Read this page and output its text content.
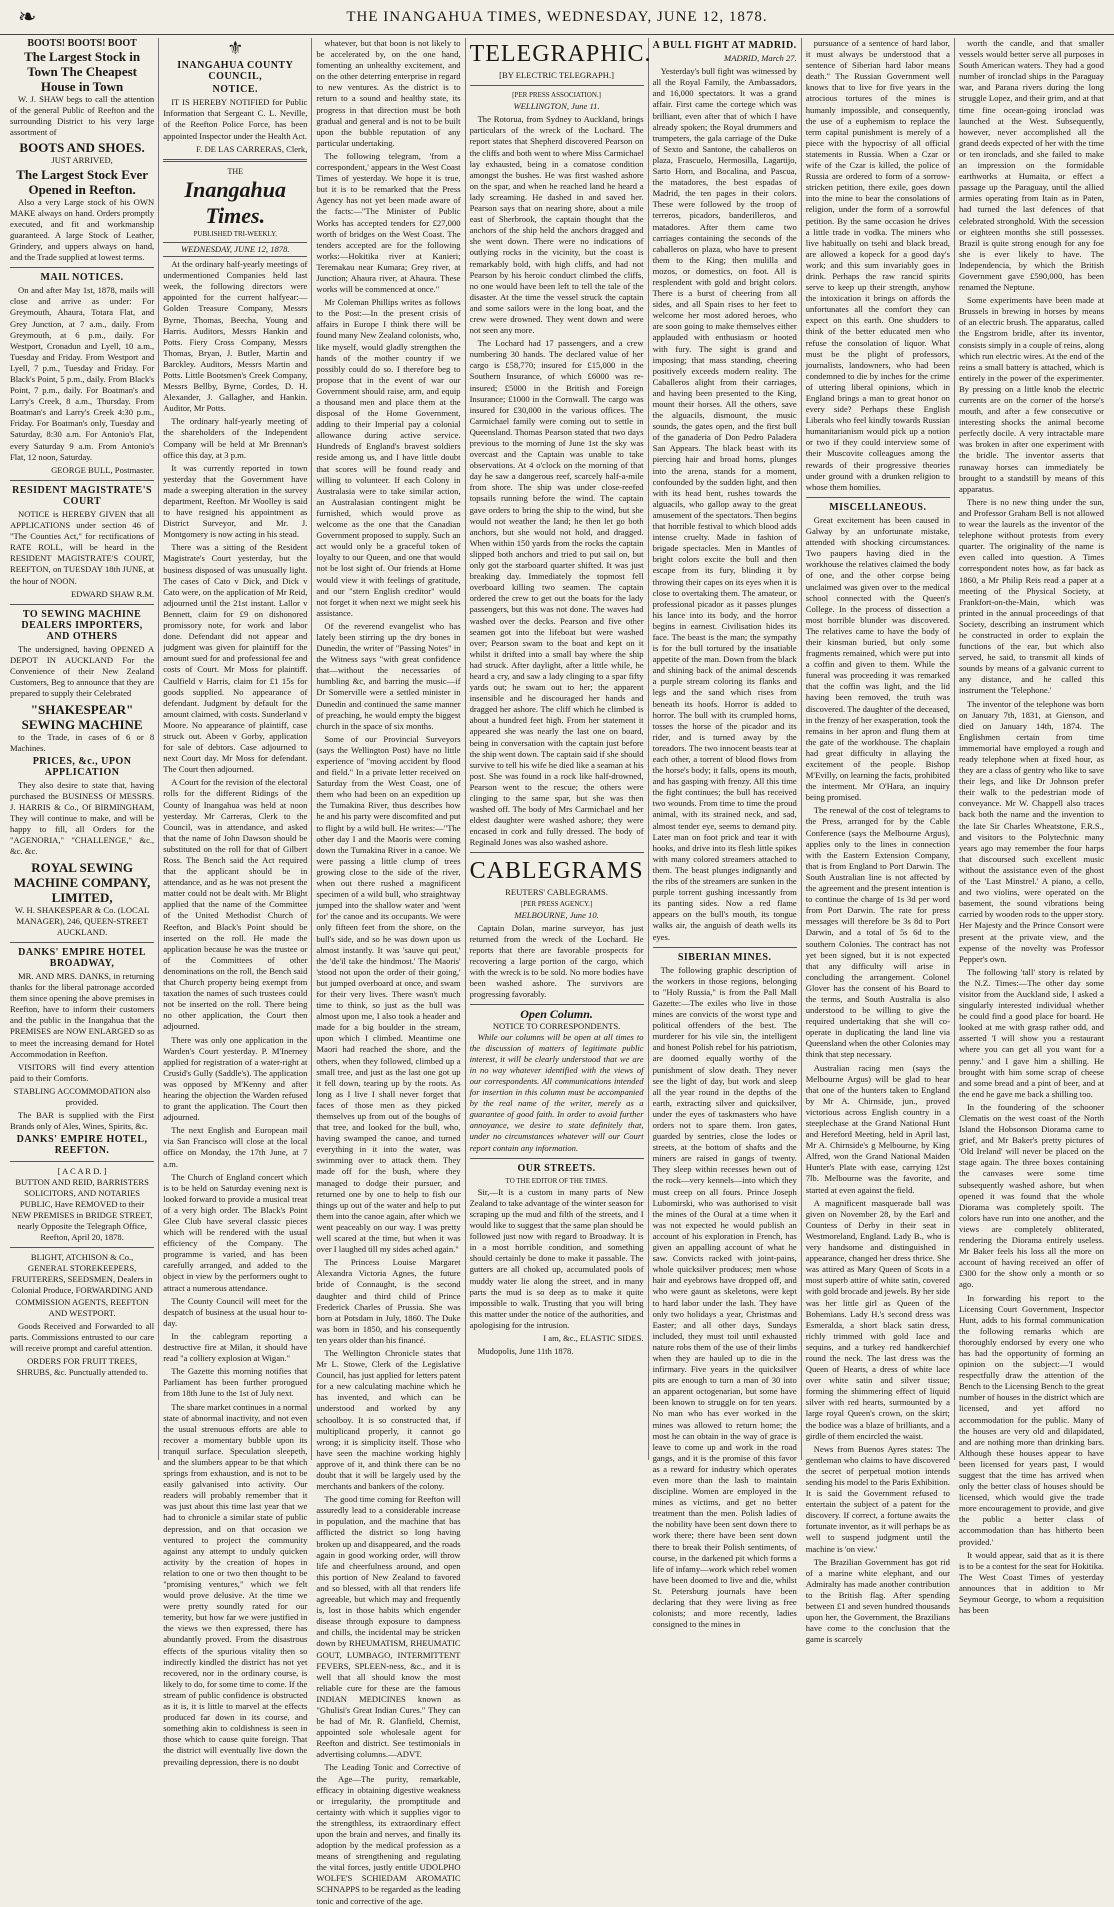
❧	THE INANGAHUA TIMES, WEDNESDAY, JUNE 12, 1878.
BOOTS! BOOTS! BOOT
The Largest Stock in Town The Cheapest House in Town

W. J. SHAW begs to call the attention of the general Public of Reefton and the surrounding District to his very large assortment of

BOOTS AND SHOES.
JUST ARRIVED,
The Largest Stock Ever Opened in Reefton.

Also a very Large stock of his OWN MAKE always on hand. Orders promptly executed, and fit and workmanship guaranteed. A large Stock of Leather, Grindery, and uppers always on hand, and the Trade supplied at lowest terms.

MAIL NOTICES.

On and after May 1st, 1878, mails will close and arrive as under: For Greymouth, Ahaura, Totara Flat, and Grey Junction, at 7 a.m., daily. From Greymouth, at 6 p.m., daily. For Westport, Cronadun and Lyell, 10 a.m., Tuesday and Friday. From Westport and Lyell, 7 p.m., Tuesday and Friday. For Black's Point, 5 p.m., daily. From Black's Point, 7 p.m., daily. For Boatman's and Larry's Creek, 8 a.m., Thursday. From Boatman's and Larry's Creek 4:30 p.m., Friday. For Boatman's only, Tuesday and Saturday, 8:30 a.m. For Antonio's Flat, every Saturday 9 a.m. From Antonio's Flat, 12 noon, Saturday.

GEORGE BULL, Postmaster.

RESIDENT MAGISTRATE'S COURT

NOTICE is HEREBY GIVEN that all APPLICATIONS under section 46 of "The Counties Act," for rectifications of RATE ROLL, will be heard in the RESIDENT MAGISTRATE'S COURT, REEFTON, on TUESDAY 18th JUNE, at the hour of NOON.

EDWARD SHAW R.M.

TO SEWING MACHINE DEALERS IMPORTERS, AND OTHERS

The undersigned, having OPENED A DEPOT IN AUCKLAND For the Convenience of their New Zealand Customers, Beg to announce that they are prepared to supply their Celebrated

"SHAKESPEAR" SEWING MACHINE

to the Trade, in cases of 6 or 8 Machines.

PRICES, &c., UPON APPLICATION

They also desire to state that, having purchased the BUSINESS Of MESSRS. J. HARRIS & Co., Of BIRMINGHAM, They will continue to make, and will be happy to fill, all Orders for the "AGENORIA," "CHALLENGE," &c., &c. &c.

ROYAL SEWING MACHINE COMPANY, LIMITED,

W. H. SHAKESPEAR & Co. (LOCAL MANAGER), 246, QUEEN-STREET AUCKLAND.

DANKS' EMPIRE HOTEL BROADWAY,

MR. AND MRS. DANKS, in returning thanks for the liberal patronage accorded them since opening the above premises in Reefton, have to inform their customers and the public in the Inangahua that the PREMISES are NOW ENLARGED so as to meet the increasing demand for Hotel Accommodation in Reefton.

VISITORS will find every attention paid to their Comforts.

STABLING ACCOMMODATION also provided.

The BAR is supplied with the First Brands only of Ales, Wines, Spirits, &c.

DANKS' EMPIRE HOTEL, REEFTON.
[ A C A R D. ]

BUTTON AND REID, BARRISTERS SOLICITORS, AND NOTARIES PUBLIC, Have REMOVED to their NEW PREMISES in BRIDGE STREET, nearly Opposite the Telegraph Office, Reefton, April 20, 1878.

BLIGHT, ATCHISON & Co., GENERAL STOREKEEPERS, FRUITERERS, SEEDSMEN, Dealers in Colonial Produce, FORWARDING AND COMMISSION AGENTS, REEFTON AND WESTPORT.

Goods Received and Forwarded to all parts. Commissions entrusted to our care will receive prompt and careful attention.

ORDERS FOR FRUIT TREES, SHRUBS, &c. Punctually attended to.

⚜
INANGAHUA COUNTY COUNCIL,
NOTICE.

IT IS HEREBY NOTIFIED for Public Information that Sergeant C. L. Neville, of the Reefton Police Force, has been appointed Inspector under the Health Act.

F. DE LAS CARRERAS, Clerk,

THE
Inangahua Times.
PUBLISHED TRI-WEEKLY.
WEDNESDAY, JUNE 12, 1878.

At the ordinary half-yearly meetings of undermentioned Companies held last week, the following directors were appointed for the current halfyear:—Golden Treasure Company, Messrs Byrne, Thomas, Beecha, Young and Harris. Auditors, Messrs Hankin and Potts. Fiery Cross Company, Messrs Thomas, Bryan, J. Butler, Martin and Barckley. Auditors, Messrs Martin and Potts. Little Bootsmen's Creek Company, Messrs Bellby, Byrne, Cordes, D. H. Alexander, J. Gallagher, and Hankin. Auditor, Mr Potts.

The ordinary half-yearly meeting of the shareholders of the Independent Company will be held at Mr Brennan's office this day, at 3 p.m.

It was currently reported in town yesterday that the Government have made a sweeping alteration in the survey department, Reefton. Mr Woolley is said to have resigned his appointment as District Surveyor, and Mr. J. Montgomery is now acting in his stead.

There was a sitting of the Resident Magistrate's Court yesterday, but the business disposed of was unusually light. The cases of Cato v Dick, and Dick v Cato were, on the application of Mr Reid, adjourned until the 21st instant. Lallor v Bennett, claim for £9 on dishonored promissory note, for work and labor done. Defendant did not appear and judgment was given for plaintiff for the amount sued for and professional fee and costs of Court. Mr Moss for plaintiff. Caulfield v Harris, claim for £1 15s for goods supplied. No appearance of defendant. Judgment by default for the amount claimed, with costs. Sunderland v Moore. No appearance of plaintiff, case struck out. Abeen v Gorby, application for sale of debtors. Case adjourned to next Court day. Mr Moss for defendant. The Court then adjourned.

A Court for the revision of the electoral rolls for the different Ridings of the County of Inangahua was held at noon yesterday. Mr Carreras, Clerk to the Council, was in attendance, and asked that the name of John Dawson should be substituted on the roll for that of Gilbert Ross. The Bench said the Act required that the applicant should be in attendance, and as he was not present the matter could not be dealt with. Mr Blight applied that the name of the Committee of the United Methodist Church of Reefton, and Black's Point should be inserted on the roll. He made the application because he was the trustee or of the Committees of other denominations on the roll, the Bench said that Church property being exempt from taxation the names of such trustees could not be inserted on the roll. There being no other application, the Court then adjourned.

There was only one application in the Warden's Court yesterday. P. M'Inerney applied for registration of a water-right at Crusid's Gully (Saddle's). The application was opposed by M'Kenny and after hearing the objection the Warden refused to grant the application. The Court then adjourned.

The next English and European mail via San Francisco will close at the local office on Monday, the 17th June, at 7 a.m.

The Church of England concert which is to be held on Saturday evening next is looked forward to provide a musical treat of a very high order. The Black's Point Glee Club have several classic pieces which will be rendered with the usual efficiency of the Company. The programme is varied, and has been carefully arranged, and added to the object in view by the performers ought to attract a numerous attendance.

The County Council will meet for the despatch of business at the usual hour to-day.

In the cablegram reporting a destructive fire at Milan, it should have read "a colliery explosion at Wigan."

The Gazette this morning notifies that Parliament has been further prorogued from 18th June to the 1st of July next.

The share market continues in a normal state of abnormal inactivity, and not even the usual strenuous efforts are able to recover a momentary bubble upon its tranquil surface. Speculation sleepeth, and the slumbers appear to be that which springs from exhaustion, and is not to be easily galvanised into activity. Our readers will probably remember that it was just about this time last year that we had to chronicle a similar state of public depression, and on that occasion we ventured to project the community against any attempt to unduly quicken activity by the creation of hopes in relation to one or two then thought to be "promising ventures," which we felt would prove delusive. At the time we were pretty soundly rated for our temerity, but how far we were justified in the views we then expressed, there has abundantly proved. From the disastrous effects of the spurious vitality then so indirectly kindled the district has not yet recovered, nor in the ordinary course, is likely to do, for some time to come. If the stream of public confidence is obstructed as it is, it is little to marvel at the effects produced far down in its course, and something akin to coldishness is seen in those which to cause quite foreign. That the district will eventually live down the prevailing depression, there is no doubt

whatever, but that boon is not likely to be accelerated by, on the one hand, fomenting an unhealthy excitement, and on the other deterring enterprise in regard to new ventures. As the district is to return to a sound and healthy state, its progress in that direction must be both gradual and general and is not to be built upon the bubble reputation of any particular undertaking.

The following telegram, 'from a correspondent,' appears in the West Coast Times of yesterday. We hope it is true, but it is to be remarked that the Press Agency has not yet been made aware of the facts:—"The Minister of Public Works has accepted tenders for £27,000 worth of bridges on the West Coast. The tenders accepted are for the following works:—Hokitika river at Kanieri; Teremakau near Kumara; Grey river, at Junction; Ahaura river, at Ahaura. These works will be commenced at once."

Mr Coleman Phillips writes as follows to the Post:—In the present crisis of affairs in Europe I think there will be found many New Zealand colonists, who, like myself, would gladly strengthen the hands of the mother country if we possibly could do so. I therefore beg to propose that in the event of war our Government should raise, arm, and equip a thousand men and place them at the disposal of the Home Government, adding to their Imperial pay a colonial allowance during active service. Hundreds of England's bravest soldiers reside among us, and I have little doubt that scores will be found ready and willing to volunteer. If each Colony in Australasia were to take similar action, an Australasian contingent might be furnished, which would prove as welcome as the one that the Canadian Government proposed to supply. Such an act would only be a graceful token of loyalty to our Queen, and one that would not be lost sight of. Our friends at Home would view it with feelings of gratitude, and our "stern English creditor" would not forget it when next we might seek his assistance.

Of the reverend evangelist who has lately been stirring up the dry bones in Dunedin, the writer of "Passing Notes" in the Witness says "with great confidence that—without the necessaries of humbling &c, and barring the music—if Dr Somerville were a settled minister in Dunedin and continued the same manner of preaching, he would empty the biggest church in the space of six months.

Some of our Provincial Surveyors (says the Wellington Post) have no little experience of "moving accident by flood and field." In a private letter received on Saturday from the West Coast, one of them who had been on an expedition up the Tumakina River, thus describes how he and his party were discomfited and put to flight by a wild bull. He writes:—"The other day I and the Maoris were coming down the Tumakina River in a canoe. We were passing a little clump of trees growing close to the side of the river, when out there rushed a magnificent specimen of a wild bull, who straightway jumped into the shallow water and 'went for' the canoe and its occupants. We were only fifteen feet from the shore, on the bull's side, and so he was down upon us almost instantly. It was 'sauve qui peut,' the 'de'il take the hindmost.' The Maoris' 'stood not upon the order of their going,' but jumped overboard at once, and swam for their very lives. There wasn't much time to think, so just as the bull was almost upon me, I also took a header and made for a big boulder in the stream, upon which I climbed. Meantime one Maori had reached the shore, and the others, when they followed, climbed up a small tree, and just as the last one got up it fell down, tearing up by the roots. As long as I live I shall never forget that faces of those men as they picked themselves up from out of the boughs of that tree, and looked for the bull, who, having swamped the canoe, and turned everything in it into the water, was swimming over to attack them. They made off for the bush, where they managed to dodge their pursuer, and returned one by one to help to fish our things up out of the water and help to put them into the canoe again, after which we went peaceably on our way. I was pretty well scared at the time, but when it was over I laughed till my sides ached again."

The Princess Louise Margaret Alexandra Victoria Agnes, the future bride of Connaught, is the second daughter and third child of Prince Frederick Charles of Prussia. She was born at Potsdam in July, 1860. The Duke was born in 1850, and his consequently ten years older than his financé.

The Wellington Chronicle states that Mr L. Stowe, Clerk of the Legislative Council, has just applied for letters patent for a new calculating machine which he has invented, and which can be understood and worked by any schoolboy. It is so constructed that, if multiplicand properly, it cannot go wrong; it is simplicity itself. Those who have seen the machine working highly approve of it, and think there can be no doubt that it will be largely used by the merchants and bankers of the colony.

The good time coming for Reefton will assuredly lead to a considerable increase in population, and the machine that has afflicted the district so long having broken up and disappeared, and the roads again in good working order, will throw life and cheerfulness around, and open this portion of New Zealand to favored and so blessed, with all that renders life agreeable, but which may and frequently is, lost in those habits which engender disease through exposure to dampness and chills, the incidental may be stricken down by RHEUMATISM, RHEUMATIC GOUT, LUMBAGO, INTERMITTENT FEVERS, SPLEEN-ness, &c., and it is well that all should know the most reliable cure for these are the famous INDIAN MEDICINES known as "Ghulisi's Great Indian Cures." They can be had of Mr. R. Glanfield, Chemist, appointed sole wholesale agent for Reefton and district. See testimonials in advertising columns.—ADVT.

The Leading Tonic and Corrective of the Age—The purity, remarkable, efficacy in obtaining digestive weakness or irregularity, the promptitude and certainty with which it supplies vigor to the strengthless, its extraordinary effect upon the brain and nerves, and finally its adoption by the medical profession as a means of strengthening and regulating the vital forces, justly entitle UDOLPHO WOLFE'S SCHIEDAM AROMATIC SCHNAPPS to be regarded as the leading tonic and corrective of the age.

TELEGRAPHIC.
[BY ELECTRIC TELEGRAPH.]
[PER PRESS ASSOCIATION.]

WELLINGTON, June 11.

The Rotorua, from Sydney to Auckland, brings particulars of the wreck of the Lochard. The report states that Shepherd discovered Pearson on the cliffs and both went to where Miss Carmichael lay exhausted, being in a comatose condition amongst the bushes. He was first washed ashore on the spar, and when he reached land he heard a lady screaming. He dashed in and saved her. Pearson says that on nearing shore, about a mile east of Sherbrook, the captain thought that the anchors of the ship held the anchors dragged and she went down. There were no indications of outlying rocks in the vicinity, but the coast is remarkably bold, with high cliffs, and had not Pearson by his heroic conduct climbed the cliffs, no one would have been left to tell the tale of the disaster. At the time the vessel struck the captain and some sailors were in the long boat, and the crew were drowned. They went down and were not seen any more.

The Lochard had 17 passengers, and a crew numbering 30 hands. The declared value of her cargo is £58,770; insured for £15,000 in the Southern Insurance, of which £6000 was re-insured; £5000 in the British and Foreign Insurance; £1000 in the Cornwall. The cargo was insured for £30,000 in the various offices. The Carmichael family were coming out to settle in Queensland. Thomas Pearson stated that two days previous to the morning of June 1st the sky was overcast and the Captain was unable to take observations. At 4 o'clock on the morning of that day he saw a dangerous reef, scarcely half-a-mile from shore. The ship was under close-reefed topsails running before the wind. The captain gave orders to bring the ship to the wind, but she would not weather the land; he then let go both anchors, but she would not hold, and dragged. When within 150 yards from the rocks the captain slipped both anchors and tried to put sail on, but only got the starboard quarter shifted. It was just breaking day. Immediately the topmost fell overboard killing two seamen. The captain ordered the crew to get out the boats for the lady passengers, but this was not done. The waves had washed over the decks. Pearson and five other seamen got into the lifeboat but were washed over; Pearson swam to the boat and kept on it whilst it drifted into a small bay where the ship had struck. After daylight, after a little while, he heard a cry, and saw a lady clinging to a spar fifty yards out; he swam out to her; the apparent insensible and he discouraged her hands and dragged her ashore. The cliff which he climbed is about a hundred feet high. From her statement it appeared she was nearly the last one on board, being in conversation with the captain just before the ship went down. The captain said if she should survive to tell his wife he died like a seaman at his post. She was found in a rock like half-drowned, Pearson went to the rescue; the others were clinging to the same spar, but she was then washed off. The body of Mrs Carmichael and her eldest daughter were washed ashore; they were encased in cork and fully dressed. The body of Reginald Jones was also washed ashore.

CABLEGRAMS
REUTERS' CABLEGRAMS.
[PER PRESS AGENCY.]

MELBOURNE, June 10.

Captain Dolan, marine surveyor, has just returned from the wreck of the Lochard. He reports that there are favorable prospects for recovering a large portion of the cargo, which with the wreck is to be sold. No more bodies have been washed ashore. The survivors are progressing favorably.

Open Column.
NOTICE TO CORRESPONDENTS.

While our columns will be open at all times to the discussion of matters of legitimate public interest, it will be clearly understood that we are in no way whatever identified with the views of our correspondents. All communications intended for insertion in this column must be accompanied by the real name of the writer, merely as a guarantee of good faith. In order to avoid further annoyance, we desire to state definitely that, under no circumstances whatever will our Court report contain any information.

OUR STREETS.
TO THE EDITOR OF THE TIMES.

Sir,—It is a custom in many parts of New Zealand to take advantage of the winter season for scraping up the mud and filth of the streets, and I would like to suggest that the same plan should be followed just now with regard to Broadway. It is in a most horrible condition, and something should certainly be done to make it passable. The gutters are all choked up, accumulated pools of muddy water lie along the street, and in many parts the mud is so deep as to make it quite impossible to walk. Trusting that you will bring this matter under the notice of the authorities, and apologising for the intrusion.

I am, &c., ELASTIC SIDES.

Mudopolis, June 11th 1878.

A BULL FIGHT AT MADRID.

MADRID, March 27.

Yesterday's bull fight was witnessed by all the Royal Family, the Ambassadors, and 16,000 spectators. It was a grand affair. First came the cortege which was brilliant, even after that of which I have already spoken; the Royal drummers and trumpeters, the gala carriage of the Duke of Sexto and Santone, the caballeros on plaza, Frascuelo, Hermosilla, Lagartijo, Sarto Horn, and Bocalina, and Pascua, the matadores, the best espadas of Madrid, the ten pages in their colors. These were followed by the troop of terreros, picadors, banderilleros, and matadores. After them came two carriages containing the seconds of the caballeros on plaza, who have to present them to the King; then mulilla and mozos, or domestics, on foot. All is resplendent with gold and bright colors. There is a burst of cheering from all sides, and all Spain rises to her feet to welcome her most adored heroes, who are soon going to make themselves either applauded with enthusiasm or hooted with fury. The sight is grand and imposing; that mass standing, cheering positively exceeds modern reality. The Caballeros alight from their carriages, and having been presented to the King, mount their horses. All the others, save the alguacils, dismount, the music sounds, the gates open, and the first bull of the ganaderia of Don Pedro Paladera San Appears. The black beast with its piercing hair and broad horns, plunges into the arena, stands for a moment, confounded by the sudden light, and then with its head bent, rushes towards the alguacils, who gallop away to the great amusement of the spectators. Then begins that horrible festival to which blood adds intense cruelty. Made in fashion of brigade spectacles. Men in Mantles of bright colors excite the bull and then escape from its fury, blinding it by throwing their capes on its eyes when it is close to overtaking them. The amateur, or professional picador as it passes plunges his lance into its body, and the horror begins in earnest. Civilisation hides its face. The beast is the man; the sympathy is for the bull tortured by the insatiable appetite of the man. Down from the black and shining back of the animal descends a purple stream coloring its flanks and legs and the sand which rises from beneath its hoofs. Horror is added to horror. The bull with its crumpled horns, tosses the horse of the picador and its rider, and is turned away by the toreadors. The two innocent beasts tear at each other, a torrent of blood flows from the horse's body; it falls, opens its mouth, and has gasping with frenzy. All this time the fight continues; the bull has received two wounds. From time to time the proud animal, with its strained neck, and sad, almost tender eye, seems to demand pity. Later man on foot prick and tear it with hooks, and drive into its flesh little spikes with many colored streamers attached to them. The beast plunges indignantly and the ribs of the streamers are sunken in the purple torrent gushing incessantly from its panting sides. Now a red flame appears on the bull's mouth, its tongue walks air, the anguish of death wells its eyes.

SIBERIAN MINES.

The following graphic description of the workers in those regions, belonging to "Holy Russia," is from the Pall Mall Gazette:—The exiles who live in those mines are convicts of the worst type and political offenders of the best. The murderer for his vile sin, the intelligent and honest Polish rebel for his patriotism, are doomed equally worthy of the punishment of slow death. They never see the light of day, but work and sleep all the year round in the depths of the earth, extracting silver and quicksilver, under the eyes of taskmasters who have orders not to spare them. Iron gates, guarded by sentries, close the lodes or streets, at the bottom of shafts and the miners are raised in gangs of twenty. They sleep within recesses hewn out of the rock—very kennels—into which they must creep on all fours. Prince Joseph Lubomirski, who was authorised to visit the mines of the Oural at a time when it was not expected he would publish an account of his exploration in French, has given an appalling account of what he saw. Convicts racked with joint-pains, whole quicksilver produces; men whose hair and eyebrows have dropped off, and who were gaunt as skeletons, were kept to hard labor under the lash. They have only two holidays a year, Christmas and Easter; and all other days, Sundays included, they must toil until exhausted nature robs them of the use of their limbs when they are hauled up to die in the infirmary. Five years in the quicksilver pits are enough to turn a man of 30 into an apparent octogenarian, but some have been known to struggle on for ten years. No man who has ever worked in the mines was allowed to return home; the most he can obtain in the way of grace is leave to come up and work in the road gangs, and it is the promise of this favor as a reward for industry which operates even more than the lash to maintain discipline. Women are employed in the mines as victims, and get no better treatment than the men. Polish ladies of the nobility have been sent down there to work there; there have been sent down there to break their Polish sentiments, of course, in the darkened pit which forms a life of infamy—work which rebel women have been doomed to live and die, whilst St. Petersburg journals have been declaring that they were living as free colonists; and more recently, ladies consigned to the mines in

pursuance of a sentence of hard labor, it must always be understood that a sentence of Siberian hard labor means death." The Russian Government well knows that to live for five years in the atrocious tortures of the mines is humanly impossible, and consequently, the use of a euphemism to replace the term capital punishment is merely of a piece with the hypocrisy of all official statements in Russia. When a Czar or wife of the Czar is killed, the police of Russia are ordered to form of a sorrow-stricken petition, there exile, goes down into the mine to bear the consolations of religion, under the form of a sorrowful petition. By the same occasion he drives a little trade in vodka. The miners who live habitually on tsehi and black bread, are allowed a kopeck for a good day's work; and this sum invariably goes in drink. Perhaps the raw rancid spirits serve to keep up their strength, anyhow the intoxication it brings on affords the unfortunates all the comfort they can expect on this earth. One shudders to think of the better educated men who refuse the consolation of liquor. What must be the plight of professors, journalists, landowners, who had been condemned to die by inches for the crime of uttering liberal opinions, which in England brings a man to great honor on every side? Perhaps these English Liberals who feel kindly towards Russian humanitarianism would pick up a notion or two if they could interview some of their Muscovite colleagues among the rewards of their progressive theories under ground with a drunken religion to whose them homilies.

MISCELLANEOUS.

Great excitement has been caused in Galway by an unfortunate mistake, attended with shocking circumstances. Two paupers having died in the workhouse the relatives claimed the body of one, and the other corpse being unclaimed was given over to the medical school connected with the Queen's College. In the process of dissection a most horrible blunder was discovered. The relatives came to have the body of their kinsman buried, but only some fragments remained, which were put into a coffin and given to them. While the funeral was proceeding it was remarked that the coffin was light, and the lid having been removed, the truth was discovered. The daughter of the deceased, in the frenzy of her exasperation, took the remains in her apron and flung them at the gate of the workhouse. The chaplain had great difficulty in allaying the excitement of the people. Bishop M'Evilly, on learning the facts, prohibited the interment. Mr O'Hara, an inquiry being promised.

The renewal of the cost of telegrams to the Press, arranged for by the Cable Conference (says the Melbourne Argus), applies only to the lines in connection with the Eastern Extension Company, that is from England to Port Darwin. The South Australian line is not affected by the agreement and the present intention is to continue the charge of 1s 3d per word from Port Darwin. The rate for press messages will therefore be 3s 8d to Port Darwin, and a total of 5s 6d to the southern Colonies. The contract has not yet been signed, but it is not expected that any difficulty will arise in concluding the arrangement. Colonel Glover has the consent of his Board to the terms, and South Australia is also understood to be willing to give the required undertaking that she will co-operate in duplicating the land line via Queensland when the other Colonies may think that step necessary.

Australian racing men (says the Melbourne Argus) will be glad to hear that one of the hunters taken to England by Mr A. Chirnside, jun., proved victorious across English country in a steeplechase at the Grand National Hunt and Hereford Meeting, held in April last, Mr A. Chirnside's g Melbourne, by King Alfred, won the Grand National Maiden Hunter's Plate with ease, carrying 12st 7lb. Melbourne was the favorite, and started at even against the field.

A magnificent masquerade ball was given on November 28, by the Earl and Countess of Derby in their seat in Westmoreland, England. Lady B., who is very handsome and distinguished in appearance, changed her dress thrice. She was attired as Mary Queen of Scots in a most superb attire of white satin, covered with gold brocade and jewels. By her side was her little girl as Queen of the Bohemians. Lady H.'s second dress was Esmeralda, a short black satin dress, richly trimmed with gold lace and sequins, and a turkey red handkerchief round the neck. The last dress was the Queen of Hearts, a dress of white lace over white satin and silver tissue; forming the shimmering effect of liquid silver with red hearts, surmounted by a large royal Queen's crown, on the skirt; the bodice was a blaze of brilliants, and a girdle of them encircled the waist.

News from Buenos Ayres states: The gentleman who claims to have discovered the secret of perpetual motion intends sending his model to the Paris Exhibition. It is said the Government refused to entertain the subject of a patent for the discovery. If correct, a fortune awaits the fortunate inventor, as it will perhaps be as well to suspend judgment until the machine is 'on view.'

The Brazilian Government has got rid of a marine white elephant, and our Admiralty has made another contribution to the British flag. After spending between £1 and seven hundred thousands upon her, the Government, the Brazilians have come to the conclusion that the game is scarcely

worth the candle, and that smaller vessels would better serve all purposes in South American waters. They had a good number of ironclad ships in the Paraguay war, and Parana rivers during the long struggle Lopez, and their grim, and at that time fine ocean-going ironclad was launched at the West. Subsequently, however, never accomplished all the grand deeds expected of her with the time or ten ironclads, and she failed to make an impression on the formidable earthworks at Humaita, or effect a passage up the Paraguay, until the allied armies operating from Itain as in Paten, had turned the last defences of that celebrated stronghold. With the secession or eighteen months she still possesses. Brazil is quite strong enough for any foe she is ever likely to have. The Independencia, by which the British Government gave £590,000, has been renamed the Neptune.

Some experiments have been made at Brussels in brewing in horses by means of an electric brush. The apparatus, called the Engstrom bridle, after its inventor, consists simply in a couple of reins, along which run electric wires. At the end of the reins a small battery is attached, which is entirely in the power of the experimenter. By pressing on a little knob the electric currents are on the corner of the horse's mouth, and after a few consecutive or interesting shocks the animal become perfectly docile. A very intractable mare was broken in after one experiment with the bridle. The inventor asserts that runaway horses can immediately be brought to a standstill by means of this apparatus.

There is no new thing under the sun, and Professor Graham Bell is not allowed to wear the laurels as the inventor of the telephone without protests from every quarter. The originality of the name is even called into question. A Times correspondent notes how, as far back as 1860, a Mr Philip Reis read a paper at a meeting of the Physical Society, at Frankfort-on-the-Main, which was printed in the annual proceedings of that Society, describing an instrument which he constructed in order to explain the functions of the ear, but which also served, he said, to transmit all kinds of sounds by means of a galvanic current to any distance, and he called this instrument the 'Telephone.'

The inventor of the telephone was born on January 7th, 1831, at Gienson, and died on January 14th, 1874. The Englishmen certain from time immemorial have employed a rough and ready telephone when at fixed hour, as they are a class of gentry who like to save their legs, and like Dr Johnson prefer their walk to the pedestrian mode of conveyance. Mr W. Chappell also traces back both the name and the invention to the late Sir Charles Wheatstone, F.R.S., and visitors to the Polytechnic many years ago may remember the four harps that discoursed such excellent music without the assistance even of the ghost of the 'Last Minstrel.' A piano, a cello, and two violins, were operated on the basement, the sound vibrations being carried by wooden rods to the upper story. Her Majesty and the Prince Consort were present at the private view, and the expense of the novelty was Professor Pepper's own.

The following 'tall' story is related by the N.Z. Times:—The other day some visitor from the Auckland side, I asked a singularly interested individual whether he could find a good place for board. He looked at me with grasp rather odd, and asserted 'I will show you a restaurant where you can get all you want for a penny.' and I gave him a shilling. He brought with him some scrap of cheese and some bread and a pint of beer, and at the end he gave me back a shilling too.

In the foundering of the schooner Clematis on the west coast of the North Island the Hobsonson Diorama came to grief, and Mr Baker's pretty pictures of 'Old Ireland' will never be placed on the stage again. The three boxes containing the canvases were some time subsequently washed ashore, but when opened it was found that the whole Diorama was completely spoilt. The colors have run into one another, and the views are completely obliterated, rendering the Diorama entirely useless. Mr Baker feels his loss all the more on account of having received an offer of £300 for the show only a month or so ago.

In forwarding his report to the Licensing Court Government, Inspector Hunt, adds to his formal communication the following remarks which are thoroughly endorsed by every one who has had the opportunity of forming an opinion on the subject:—'I would respectfully draw the attention of the Bench to the Licensing Bench to the great number of houses in the district which are licensed, and yet afford no accommodation for the public. Many of the houses are very old and dilapidated, and are nothing more than drinking bars. Although these houses appear to have been licensed for years past, I would suggest that the time has arrived when only the better class of houses should be licensed, which would give the trade more encouragement to provide, and give the public a better class of accommodation than has hitherto been provided.'

It would appear, said that as it is there is to be a contest for the seat for Hokitika. The West Coast Times of yesterday announces that in addition to Mr Seymour George, to whom a requisition has been
